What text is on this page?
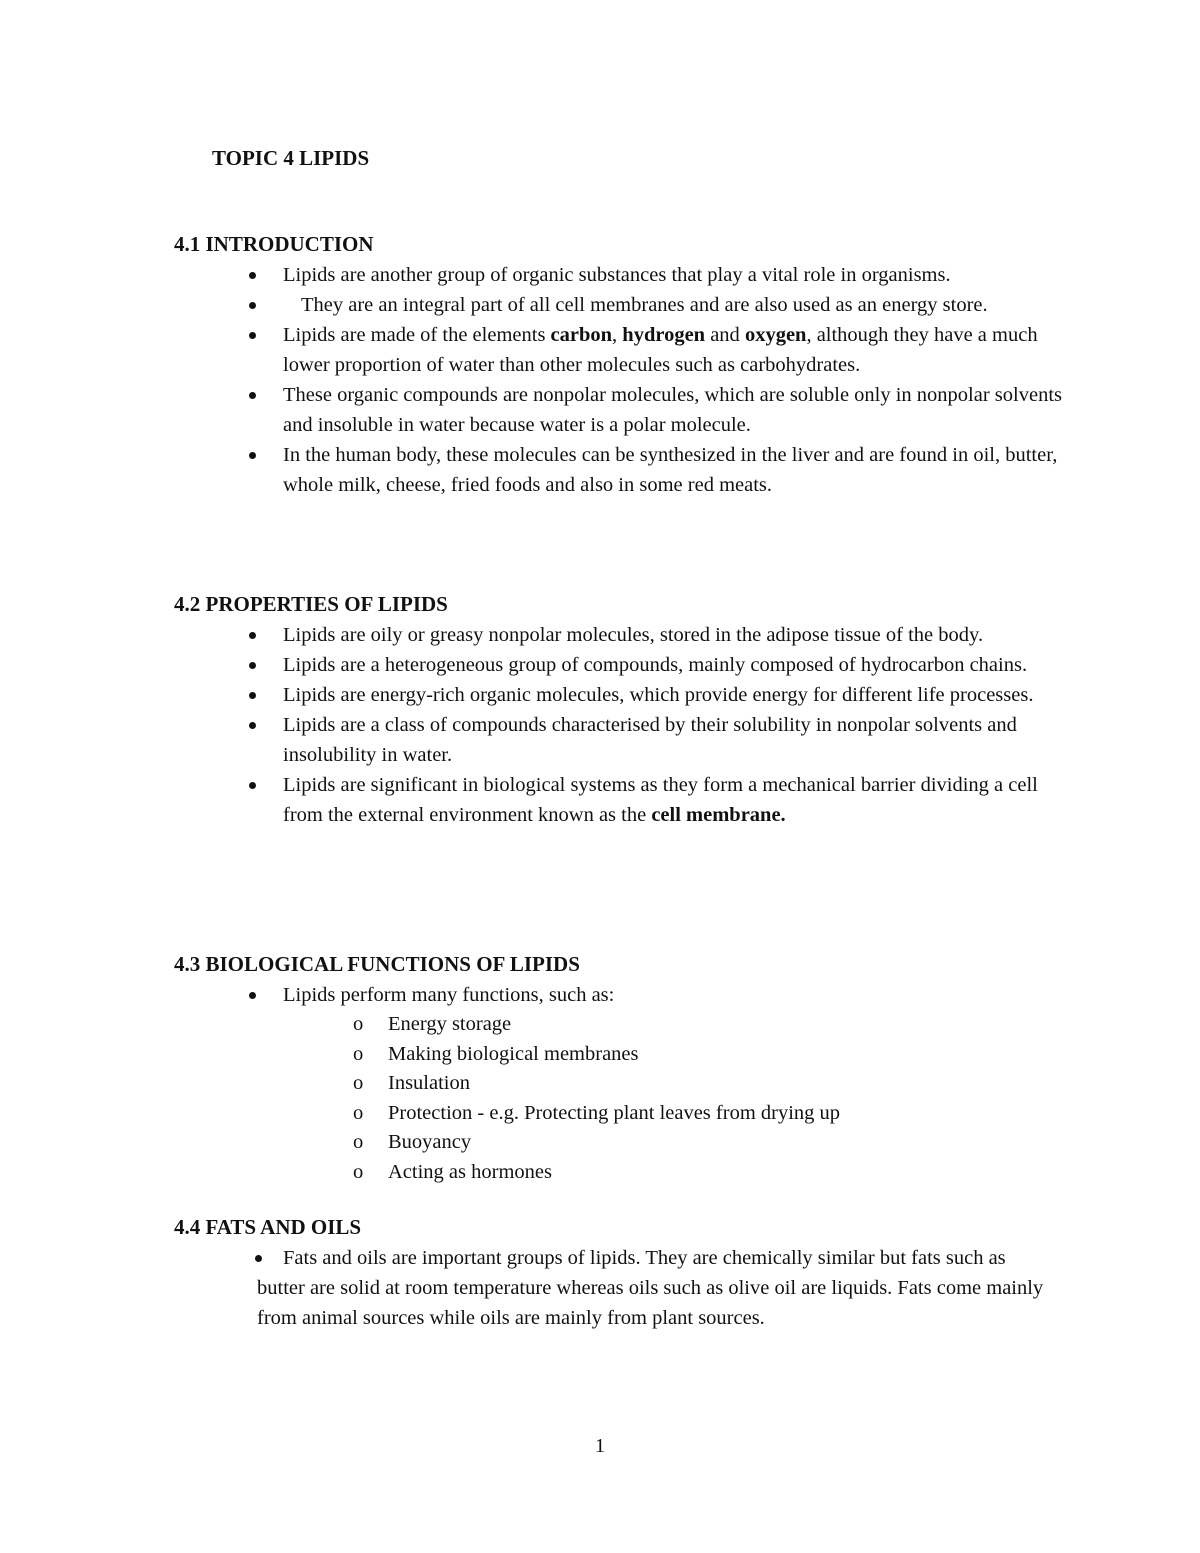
TOPIC 4 LIPIDS
4.1 INTRODUCTION
Lipids are another group of organic substances that play a vital role in organisms.
They are an integral part of all cell membranes and are also used as an energy store.
Lipids are made of the elements carbon, hydrogen and oxygen, although they have a much lower proportion of water than other molecules such as carbohydrates.
These organic compounds are nonpolar molecules, which are soluble only in nonpolar solvents and insoluble in water because water is a polar molecule.
In the human body, these molecules can be synthesized in the liver and are found in oil, butter, whole milk, cheese, fried foods and also in some red meats.
4.2 PROPERTIES OF LIPIDS
Lipids are oily or greasy nonpolar molecules, stored in the adipose tissue of the body.
Lipids are a heterogeneous group of compounds, mainly composed of hydrocarbon chains.
Lipids are energy-rich organic molecules, which provide energy for different life processes.
Lipids are a class of compounds characterised by their solubility in nonpolar solvents and insolubility in water.
Lipids are significant in biological systems as they form a mechanical barrier dividing a cell from the external environment known as the cell membrane.
4.3 BIOLOGICAL FUNCTIONS OF LIPIDS
Lipids perform many functions, such as:
o	Energy storage
o	Making biological membranes
o	Insulation
o	Protection - e.g. Protecting plant leaves from drying up
o	Buoyancy
o	Acting as hormones
4.4 FATS AND OILS
Fats and oils are important groups of lipids. They are chemically similar but fats such as butter are solid at room temperature whereas oils such as olive oil are liquids. Fats come mainly from animal sources while oils are mainly from plant sources.
1
